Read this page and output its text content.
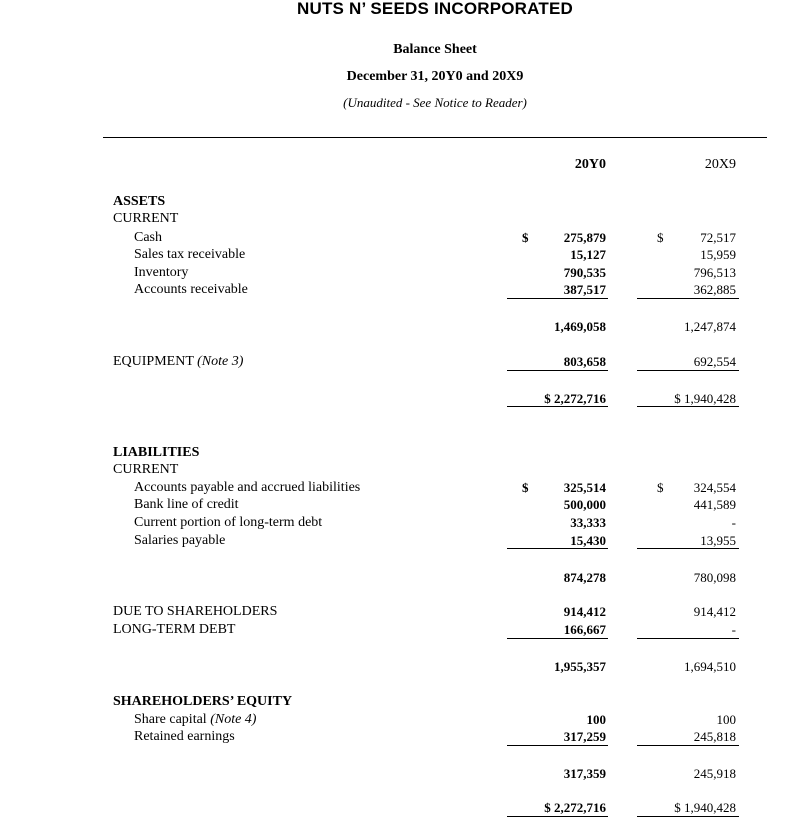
NUTS N’ SEEDS INCORPORATED
Balance Sheet
December 31, 20Y0 and 20X9
(Unaudited - See Notice to Reader)
20Y0	20X9
ASSETS
CURRENT
Cash	$	275,879	$	72,517
Sales tax receivable	15,127	15,959
Inventory	790,535	796,513
Accounts receivable	387,517	362,885
1,469,058	1,247,874
EQUIPMENT (Note 3)	803,658	692,554
$ 2,272,716	$ 1,940,428
LIABILITIES
CURRENT
Accounts payable and accrued liabilities	$	325,514	$ 324,554
Bank line of credit	500,000	441,589
Current portion of long-term debt	33,333	-
Salaries payable	15,430	13,955
874,278	780,098
DUE TO SHAREHOLDERS	914,412	914,412
LONG-TERM DEBT	166,667	-
1,955,357	1,694,510
SHAREHOLDERS’ EQUITY
Share capital (Note 4)	100	100
Retained earnings	317,259	245,818
317,359	245,918
$ 2,272,716	$ 1,940,428
